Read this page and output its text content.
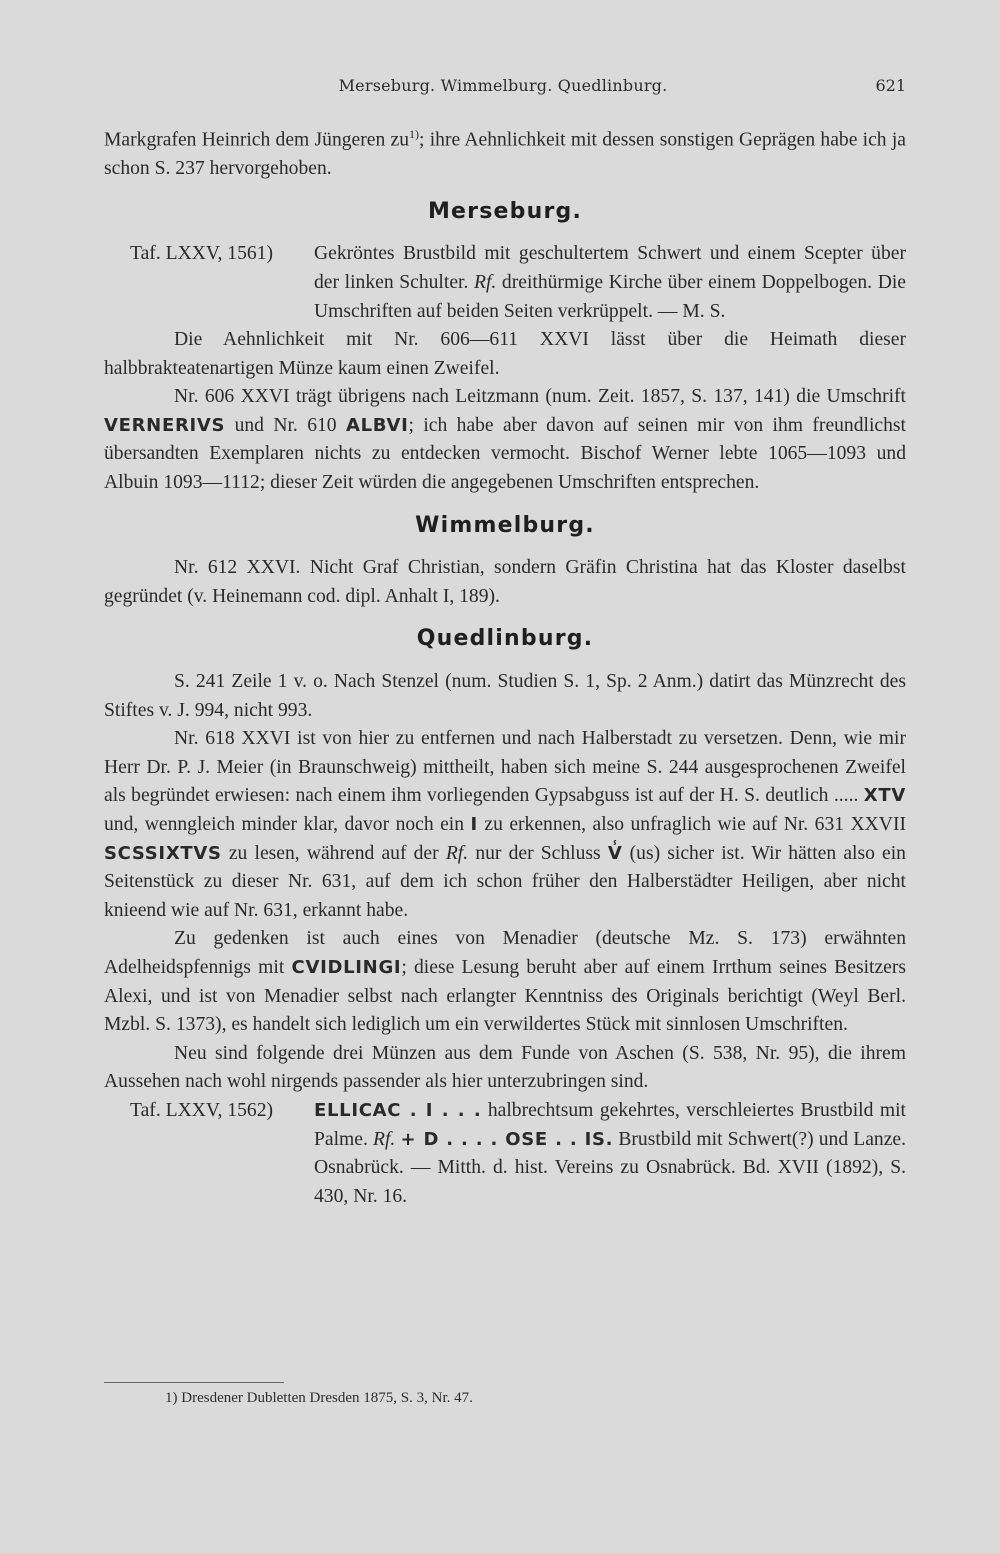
Merseburg. Wimmelburg. Quedlinburg.	621

Markgrafen Heinrich dem Jüngeren $zu^{1)}$; ihre Aehnlichkeit mit dessen sonstigen Geprägen habe ich ja schon S. 237 hervorgehoben.

Merseburg.
Taf. LXXV, 1561)	Gekröntes Brustbild mit geschultertem Schwert und einem Scepter über der linken Schulter. Rf. dreithürmige Kirche über einem Doppelbogen. Die Umschriften auf beiden Seiten verkrüppelt. — M. S.

Die Aehnlichkeit mit Nr. 606—611 XXVI lässt über die Heimath dieser halbbrakteatenartigen Münze kaum einen Zweifel.

Nr. 606 XXVI trägt übrigens nach Leitzmann (num. Zeit. 1857, S. 137, 141) die Umschrift VERNERIVS und Nr. 610 ALBVI; ich habe aber davon auf seinen mir von ihm freundlichst übersandten Exemplaren nichts zu entdecken vermocht. Bischof Werner lebte 1065—1093 und Albuin 1093—1112; dieser Zeit würden die angegebenen Umschriften entsprechen.

Wimmelburg.

Nr. 612 XXVI. Nicht Graf Christian, sondern Gräfin Christina hat das Kloster daselbst gegründet (v. Heinemann cod. dipl. Anhalt I, 189).

Quedlinburg.

S. 241 Zeile 1 v. o. Nach Stenzel (num. Studien S. 1, Sp. 2 Anm.) datirt das Münzrecht des Stiftes v. J. 994, nicht 993.

Nr. 618 XXVI ist von hier zu entfernen und nach Halberstadt zu versetzen. Denn, wie mir Herr Dr. P. J. Meier (in Braunschweig) mittheilt, haben sich meine S. 244 ausgesprochenen Zweifel als begründet erwiesen: nach einem ihm vorliegenden Gypsabguss ist auf der H. S. deutlich ..... XTV und, wenngleich minder klar, davor noch ein I zu erkennen, also unfraglich wie auf Nr. 631 XXVII SCSSIXTVS zu lesen, während auf der Rf. nur der Schluss V̾ (us) sicher ist. Wir hätten also ein Seitenstück zu dieser Nr. 631, auf dem ich schon früher den Halberstädter Heiligen, aber nicht knieend wie auf Nr. 631, erkannt habe.

Zu gedenken ist auch eines von Menadier (deutsche Mz. S. 173) erwähnten Adelheidspfennigs mit CVIDLINGI; diese Lesung beruht aber auf einem Irrthum seines Besitzers Alexi, und ist von Menadier selbst nach erlangter Kenntniss des Originals berichtigt (Weyl Berl. Mzbl. S. 1373), es handelt sich lediglich um ein verwildertes Stück mit sinnlosen Umschriften.

Neu sind folgende drei Münzen aus dem Funde von Aschen (S. 538, Nr. 95), die ihrem Aussehen nach wohl nirgends passender als hier unterzubringen sind.

Taf. LXXV, 1562)	ELLICAC . I . . . halbrechtsum gekehrtes, verschleiertes Brustbild mit Palme. Rf. + D . . . . OSE . . IS. Brustbild mit Schwert(?) und Lanze. Osnabrück. — Mitth. d. hist. Vereins zu Osnabrück. Bd. XVII (1892), S. 430, Nr. 16.
1) Dresdener Dubletten Dresden 1875, S. 3, Nr. 47.
